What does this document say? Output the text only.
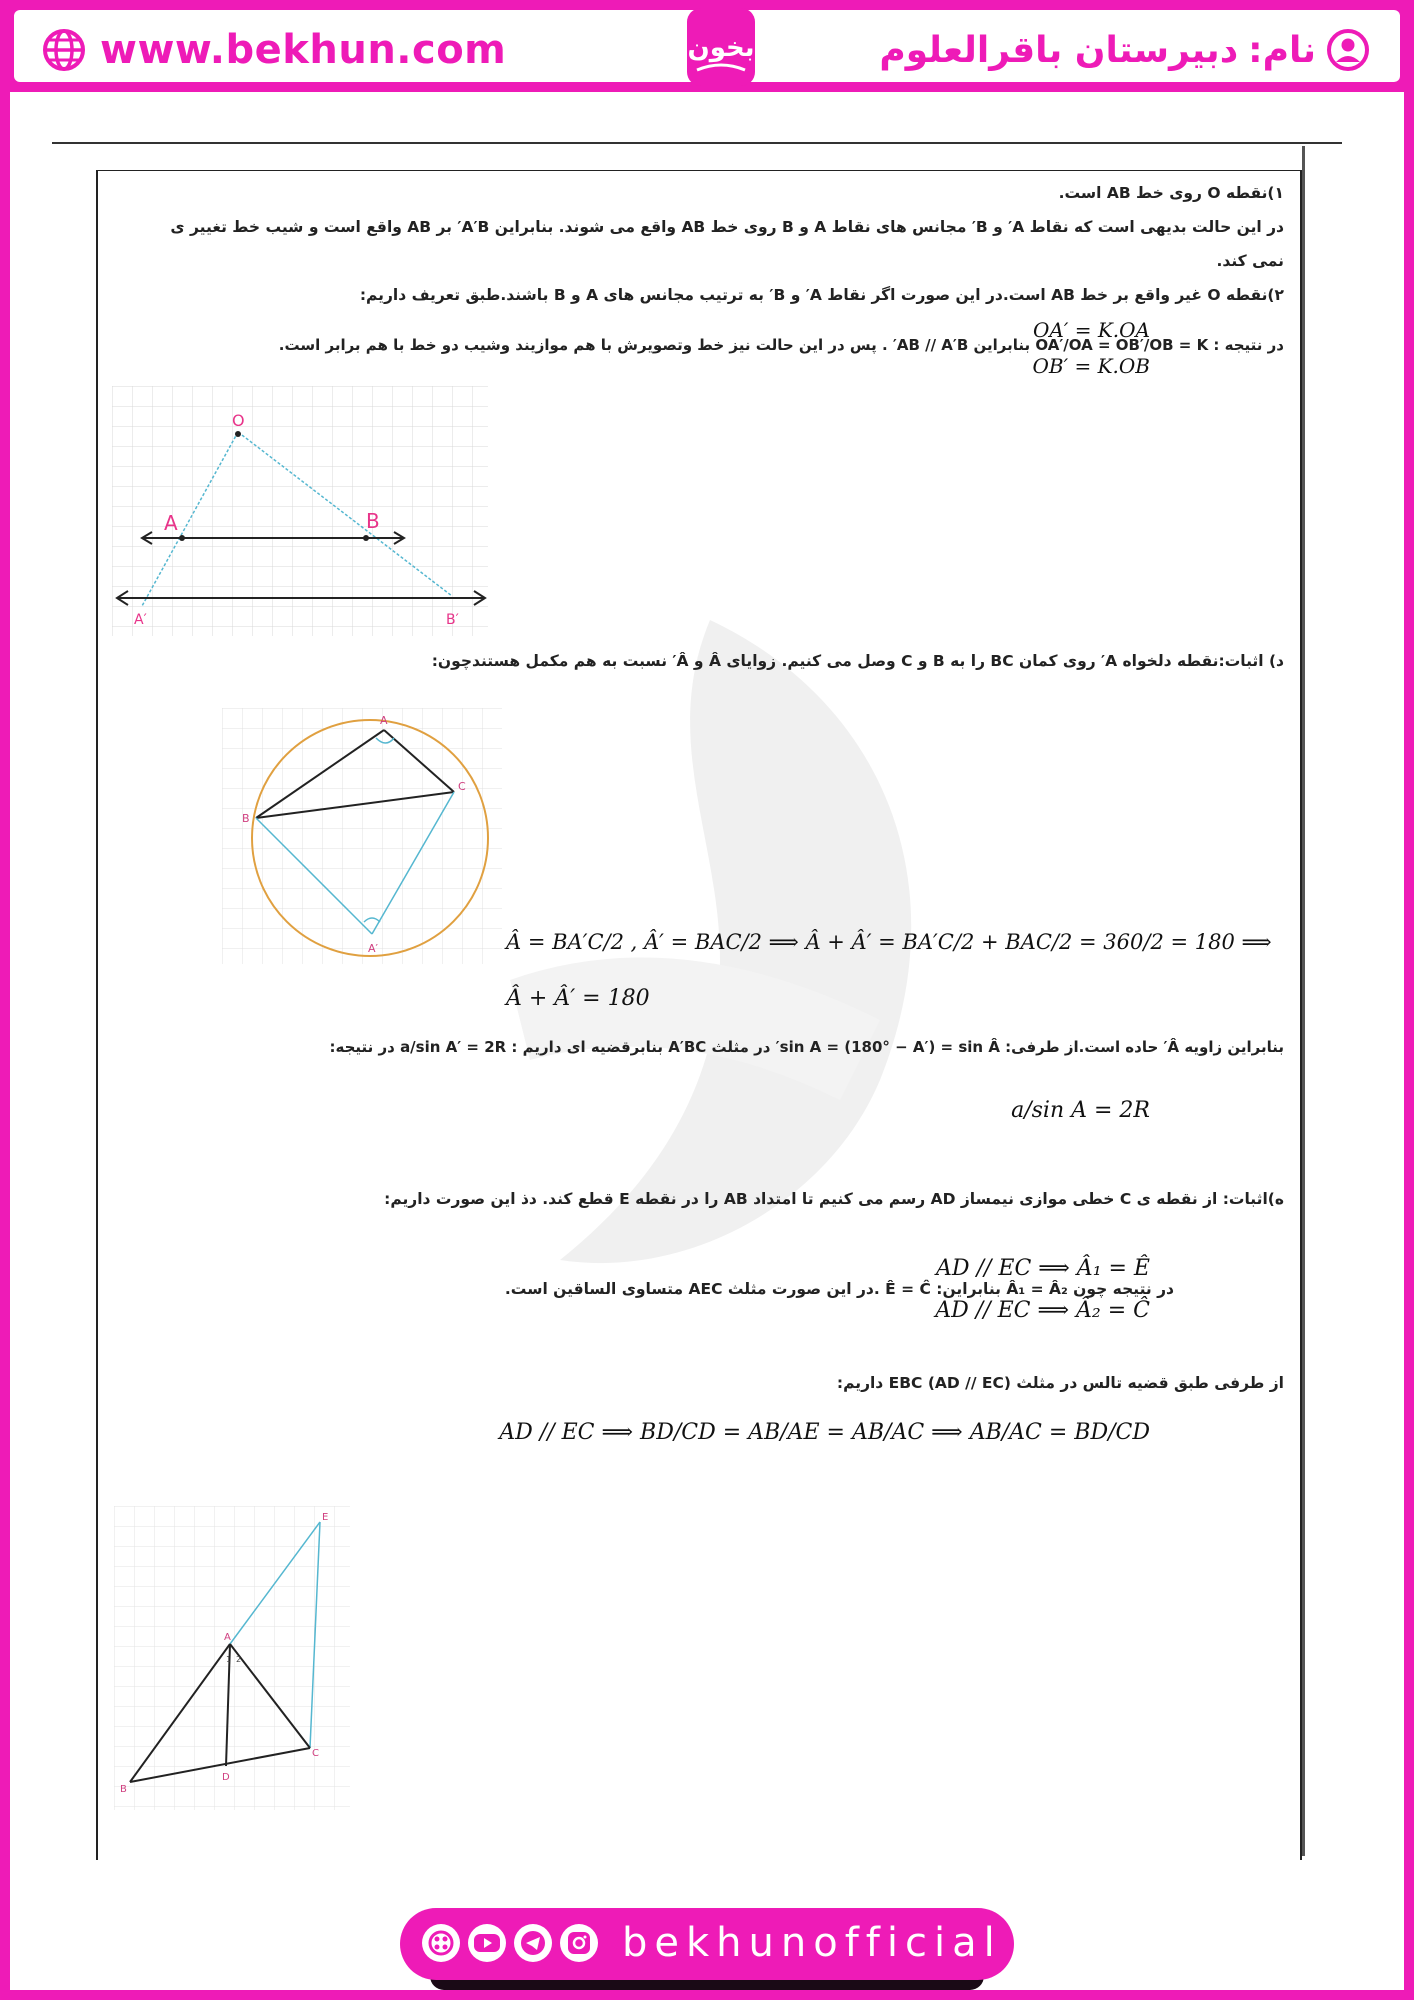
www.bekhun.com	بخون	نام:
دبیرستان باقرالعلوم
۱)نقطه O روی خط AB است.
در این حالت بدیهی است که نقاط A′ و B′ مجانس های نقاط A و B روی خط AB واقع می شوند. بنابراین A′B′ بر AB واقع است و شیب خط تغییر ی
نمی کند.
۲)نقطه O غیر واقع بر خط AB است.در این صورت اگر نقاط A′ و B′ به ترتیب مجانس های A و B باشند.طبق تعریف داریم:
در نتیجه : OA′/OA = OB′/OB = K بنابراین AB // A′B′ . پس در این حالت نیز خط وتصویرش با هم موازیند وشیب دو خط با هم برابر است.
OA′ = K.OA
OB′ = K.OB
O
A	B
A′	B′
د) اثبات:نقطه دلخواه A′ روی کمان BC را به B و C وصل می کنیم. زوایای Â و Â′ نسبت به هم مکمل هستندچون:
A
B
C
A′	Â = BA′C/2 , Â′ = BAC/2 ⟹ Â + Â′ = BA′C/2 + BAC/2 = 360/2 = 180 ⟹
Â + Â′ = 180
بنابراین زاویه Â′ حاده است.از طرفی: sin A = (180° − A′) = sin Â′ در مثلث A′BC بنابرقضیه ای داریم : a/sin A′ = 2R در نتیجه:
a/sin A = 2R
ه)اثبات: از نقطه ی C خطی موازی نیمساز AD رسم می کنیم تا امتداد AB را در نقطه E قطع کند. دذ این صورت داریم:
AD // EC ⟹ Â₁ = Ê
AD // EC ⟹ Â₂ = Ĉ
در نتیجه چون Â₁ = Â₂ بنابراین: Ê = Ĉ .در این صورت مثلث AEC متساوی الساقین است.
از طرفی طبق قضیه تالس در مثلث EBC (AD // EC) داریم:
AD // EC ⟹ BD/CD = AB/AE = AB/AC ⟹ AB/AC = BD/CD
A
B
C
D
E
1 2
bekhunofficial
